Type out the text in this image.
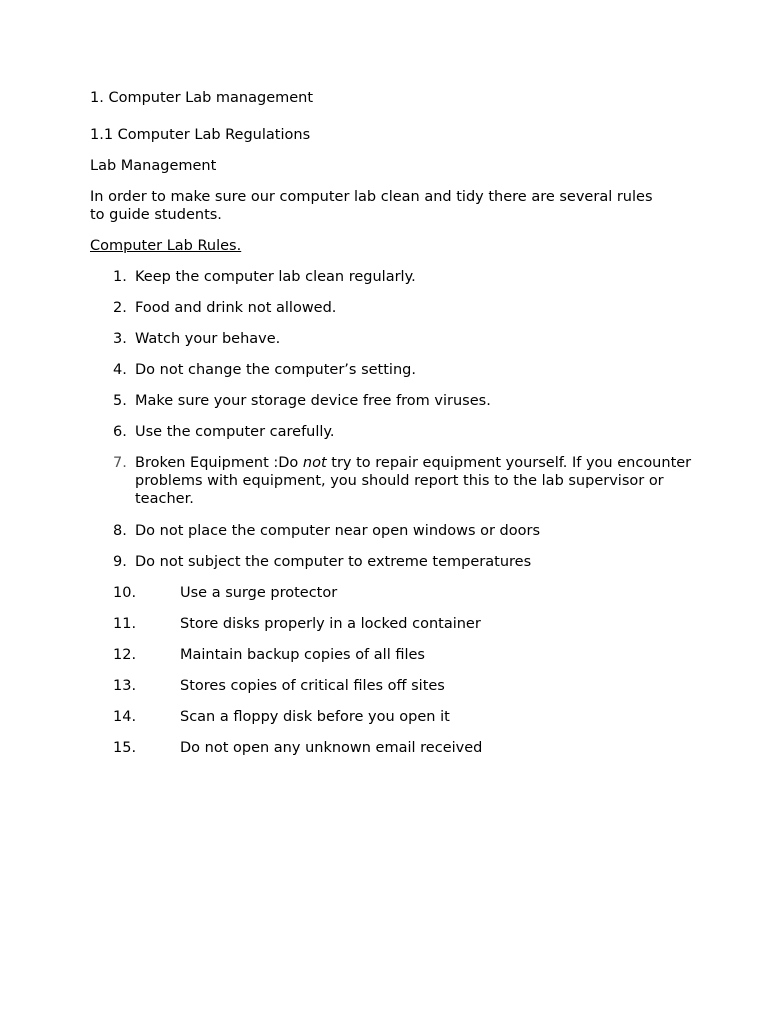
1. Computer Lab management
1.1 Computer Lab Regulations
Lab Management
In order to make sure our computer lab clean and tidy there are several rules to guide students.
Computer Lab Rules.
1. Keep the computer lab clean regularly.
2. Food and drink not allowed.
3. Watch your behave.
4. Do not change the computer’s setting.
5. Make sure your storage device free from viruses.
6. Use the computer carefully.
7. Broken Equipment :Do not try to repair equipment yourself. If you encounter problems with equipment, you should report this to the lab supervisor or teacher.
8. Do not place the computer near open windows or doors
9. Do not subject the computer to extreme temperatures
10.	Use a surge protector
11.	Store disks properly in a locked container
12.	Maintain backup copies of all files
13.	Stores copies of critical files off sites
14.	Scan a floppy disk before you open it
15.	Do not open any unknown email received
